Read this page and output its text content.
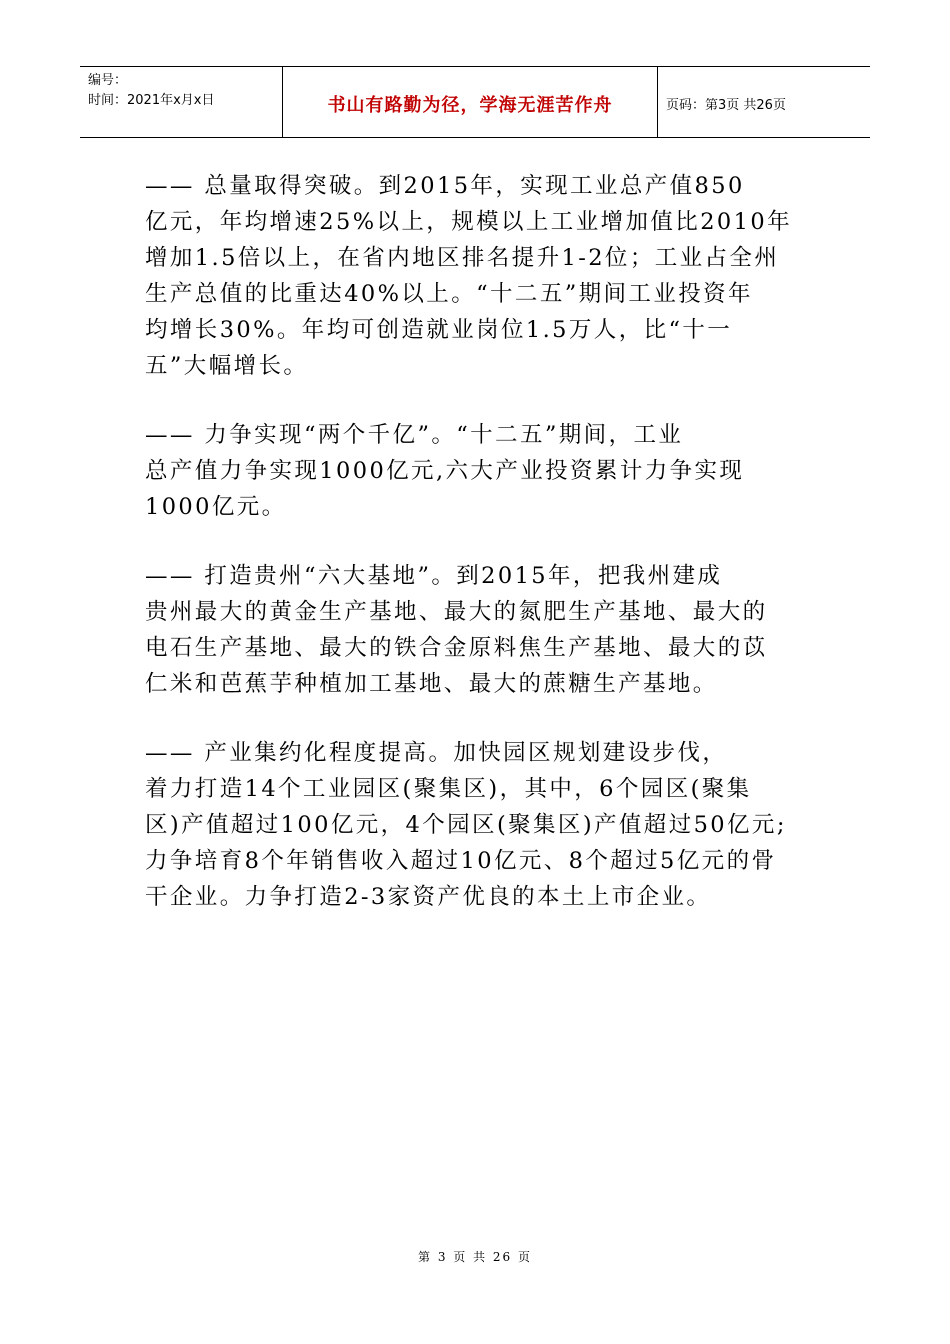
编号：
时间：2021年x月x日	书山有路勤为径，学海无涯苦作舟	页码：第3页 共26页
—— 总量取得突破。到2015年，实现工业总产值850
亿元，年均增速25%以上，规模以上工业增加值比2010年
增加1.5倍以上，在省内地区排名提升1-2位；工业占全州
生产总值的比重达40%以上。“十二五”期间工业投资年
均增长30%。年均可创造就业岗位1.5万人，比“十一
五”大幅增长。
—— 力争实现“两个千亿”。“十二五”期间，工业
总产值力争实现1000亿元,六大产业投资累计力争实现
1000亿元。
—— 打造贵州“六大基地”。到2015年，把我州建成
贵州最大的黄金生产基地、最大的氮肥生产基地、最大的
电石生产基地、最大的铁合金原料焦生产基地、最大的苡
仁米和芭蕉芋种植加工基地、最大的蔗糖生产基地。
—— 产业集约化程度提高。加快园区规划建设步伐，
着力打造14个工业园区(聚集区)，其中，6个园区(聚集
区)产值超过100亿元，4个园区(聚集区)产值超过50亿元;
力争培育8个年销售收入超过10亿元、8个超过5亿元的骨
干企业。力争打造2-3家资产优良的本土上市企业。
第 3 页 共 26 页
